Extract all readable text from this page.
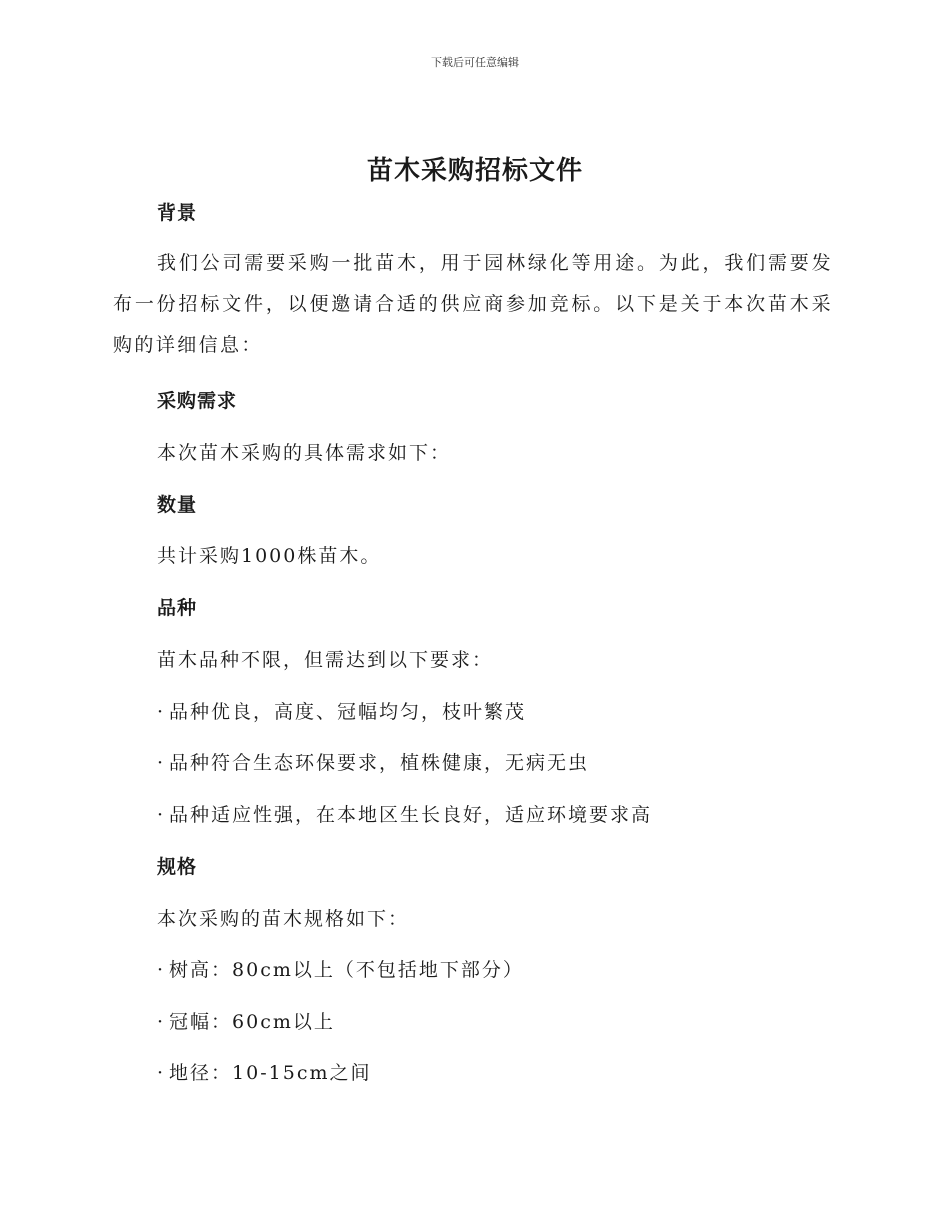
下载后可任意编辑
苗木采购招标文件
背景
我们公司需要采购一批苗木，用于园林绿化等用途。为此，我们需要发布一份招标文件，以便邀请合适的供应商参加竞标。以下是关于本次苗木采购的详细信息：
采购需求
本次苗木采购的具体需求如下：
数量
共计采购1000株苗木。
品种
苗木品种不限，但需达到以下要求：
· 品种优良，高度、冠幅均匀，枝叶繁茂
· 品种符合生态环保要求，植株健康，无病无虫
· 品种适应性强，在本地区生长良好，适应环境要求高
规格
本次采购的苗木规格如下：
· 树高：80cm以上（不包括地下部分）
· 冠幅：60cm以上
· 地径：10-15cm之间
